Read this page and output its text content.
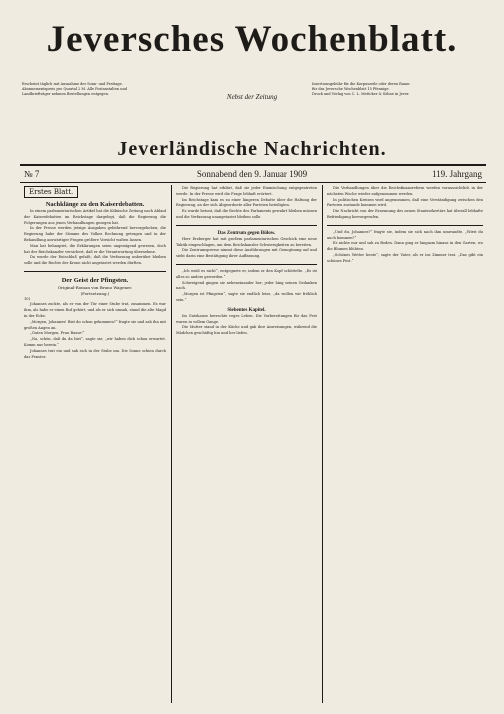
Jeversches Wochenblatt.
Erscheint täglich mit Ausnahme der Sonn- und Festtage.
Abonnementspreis pro Quartal 2 M. Alle Postanstalten und
Landbriefträger nehmen Bestellungen entgegen.	Nebst der Zeitung
Insertionsgebühr für die Korpuszeile oder deren Raum
für das Jeversche Wochenblatt 15 Pfennige.
Druck und Verlag von C. L. Mettcker & Söhne in Jever.
Jeverländische Nachrichten.
№ 7	Sonnabend den 9. Januar 1909	119. Jahrgang
Erstes Blatt.
Nachklänge zu den Kaiserdebatten.

In einem parlamentarischen Artikel hat die Kölnische Zeitung nach Ablauf der Kaiserdebatten im Reichstage dargelegt, daß die Regierung die Folgerungen aus jenen Verhandlungen gezogen hat.

In der Presse werden jetzige Ausgaben gebührend hervorgehoben; die Regierung habe der Stimme des Volkes Rechnung getragen und in der Behandlung auswärtiger Fragen größere Vorsicht walten lassen.

Man hat behauptet, die Erklärungen seien ungenügend gewesen, doch hat der Reichskanzler versichert, daß er die Verantwortung übernehme.

Da wurde der Entschluß gefaßt, daß die Verfassung unberührt bleiben solle und die Rechte der Krone nicht angetastet werden dürften.

Der Geist der Pfingsten.
Original-Roman von Bruno Wagener.
(Fortsetzung.)
10)

Johannes zuckte, als er von der Tür einer Stube trat, zusammen. Es war ihm, als habe er einen Ruf gehört, und als er sich umsah, stand die alte Magd in der Ecke.

„Morgen, Johannes! Bist du schon gekommen?“ fragte sie und sah ihn mit großen Augen an.

„Guten Morgen, Frau Rasse!“

„Na, schön, daß du da bist“, sagte sie; „wir haben dich schon erwartet. Komm nur herein.“

Johannes trat ein und sah sich in der Stube um. Die Sonne schien durch das Fenster.

Die Regierung hat erklärt, daß sie jeder Einmischung entgegentreten werde. In der Presse wird die Frage lebhaft erörtert.

Im Reichstage kam es zu einer längeren Debatte über die Haltung der Regierung, an der sich Abgeordnete aller Parteien beteiligten.

Es wurde betont, daß die Rechte des Parlaments gewahrt bleiben müssen und die Verfassung unangetastet bleiben solle.

Das Zentrum gegen Bülow.

Herr Erzberger hat mit großem parlamentarischen Geschick eine neue Taktik eingeschlagen, um dem Reichskanzler Schwierigkeiten zu bereiten.

Die Zentrumspresse nimmt diese Ausführungen mit Genugtuung auf und sieht darin eine Bestätigung ihrer Auffassung.

„Ich weiß es nicht“, entgegnete er, indem er den Kopf schüttelte. „Es ist alles so anders geworden.“

Schweigend gingen sie nebeneinander her; jeder hing seinen Gedanken nach.

„Morgen ist Pfingsten“, sagte sie endlich leise, „da wollen wir fröhlich sein.“

Siebentes Kapitel.

Im Gutshause herrschte reges Leben. Die Vorbereitungen für das Fest waren in vollem Gange.

Die Mutter stand in der Küche und gab ihre Anweisungen, während die Mädchen geschäftig hin und her liefen.

Die Verhandlungen über die Reichsfinanzreform werden voraussichtlich in der nächsten Woche wieder aufgenommen werden.

In politischen Kreisen wird angenommen, daß eine Verständigung zwischen den Parteien zustande kommen wird.

Die Nachricht von der Ernennung des neuen Staatssekretärs hat überall lebhafte Befriedigung hervorgerufen.

„Und du, Johannes?“ fragte sie, indem sie sich nach ihm umwandte. „Wirst du auch kommen?“

Er nickte nur und sah zu Boden. Dann ging er langsam hinaus in den Garten, wo die Blumen blühten.

„Schönes Wetter heute“, sagte der Vater, als er ins Zimmer trat. „Das gibt ein schönes Fest.“
